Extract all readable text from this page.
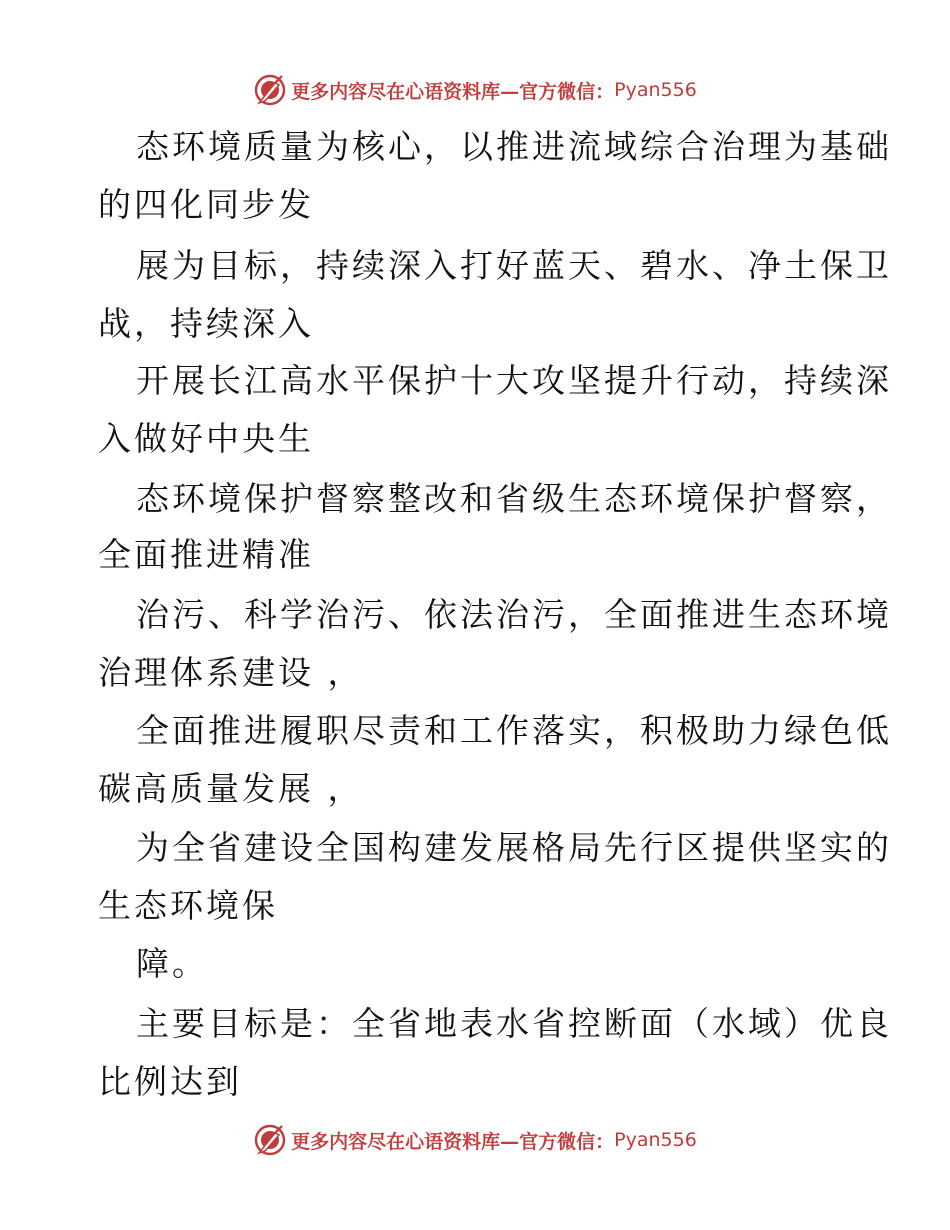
更多内容尽在心语资料库—官方微信： Pyan556
态环境质量为核心，以推进流域综合治理为基础
的四化同步发
展为目标，持续深入打好蓝天、碧水、净土保卫
战，持续深入
开展长江高水平保护十大攻坚提升行动，持续深
入做好中央生
态环境保护督察整改和省级生态环境保护督察，
全面推进精准
治污、科学治污、依法治污，全面推进生态环境
治理体系建设 ，
全面推进履职尽责和工作落实，积极助力绿色低
碳高质量发展 ，
为全省建设全国构建发展格局先行区提供坚实的
生态环境保
障。
主要目标是：全省地表水省控断面（水域）优良
比例达到
更多内容尽在心语资料库—官方微信： Pyan556
